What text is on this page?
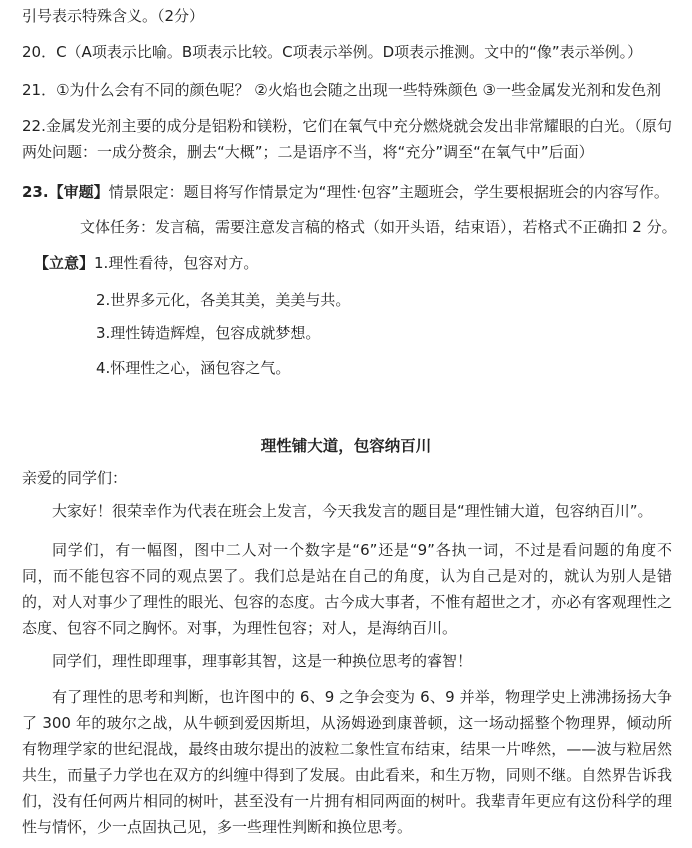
引号表示特殊含义。（2分）
20．C（A项表示比喻。B项表示比较。C项表示举例。D项表示推测。文中的“像”表示举例。）
21．①为什么会有不同的颜色呢？ ②火焰也会随之出现一些特殊颜色 ③一些金属发光剂和发色剂
22.金属发光剂主要的成分是铝粉和镁粉，它们在氧气中充分燃烧就会发出非常耀眼的白光。（原句两处问题：一成分赘余，删去“大概”；二是语序不当，将“充分”调至“在氧气中”后面）
23.【审题】情景限定：题目将写作情景定为“理性·包容”主题班会，学生要根据班会的内容写作。
文体任务：发言稿，需要注意发言稿的格式（如开头语，结束语），若格式不正确扣 2 分。
【立意】1.理性看待，包容对方。
2.世界多元化，各美其美，美美与共。
3.理性铸造辉煌，包容成就梦想。
4.怀理性之心，涵包容之气。
理性铺大道，包容纳百川
亲爱的同学们：
大家好！很荣幸作为代表在班会上发言，今天我发言的题目是“理性铺大道，包容纳百川”。
同学们，有一幅图，图中二人对一个数字是“6”还是“9”各执一词，不过是看问题的角度不同，而不能包容不同的观点罢了。我们总是站在自己的角度，认为自己是对的，就认为别人是错的，对人对事少了理性的眼光、包容的态度。古今成大事者，不惟有超世之才，亦必有客观理性之态度、包容不同之胸怀。对事，为理性包容；对人，是海纳百川。
同学们，理性即理事，理事彰其智，这是一种换位思考的睿智！
有了理性的思考和判断，也许图中的 6、9 之争会变为 6、9 并举，物理学史上沸沸扬扬大争了 300 年的玻尔之战，从牛顿到爱因斯坦，从汤姆逊到康普顿，这一场动摇整个物理界，倾动所有物理学家的世纪混战，最终由玻尔提出的波粒二象性宣布结束，结果一片哗然，——波与粒居然共生，而量子力学也在双方的纠缠中得到了发展。由此看来，和生万物，同则不继。自然界告诉我们，没有任何两片相同的树叶，甚至没有一片拥有相同两面的树叶。我辈青年更应有这份科学的理性与情怀，少一点固执己见，多一些理性判断和换位思考。
